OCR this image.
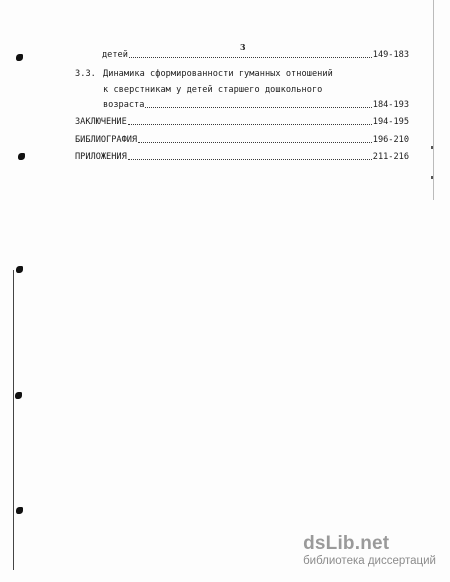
3
детей	149-183
3.3. Динамика сформированности гуманных отношений
к сверстникам у детей старшего дошкольного
возраста	184-193
ЗАКЛЮЧЕНИЕ	194-195
БИБЛИОГРАФИЯ	196-210
ПРИЛОЖЕНИЯ	211-216
dsLib.net
библиотека диссертаций
